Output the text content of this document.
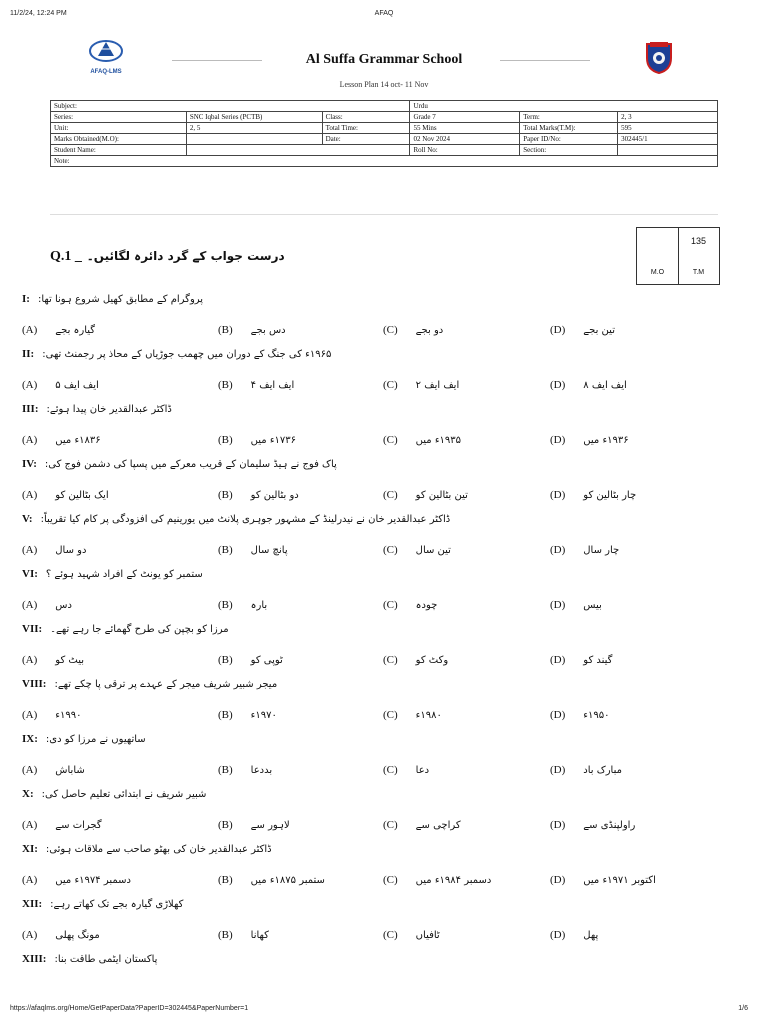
11/2/24, 12:24 PM	AFAQ
AFAQ-LMS
Al Suffa Grammar School
Lesson Plan 14 oct- 11 Nov
Subject:			Urdu		
Series:	SNC Iqbal Series (PCTB)	Class:	Grade 7	Term:	2, 3
Unit:	2, 5	Total Time:	55 Mins	Total Marks(T.M):	595
Marks Obtained(M.O):		Date:	02 Nov 2024	Paper ID/No:	302445/1
Student Name:			Roll No:	Section:	
Note:					
135
M.O	T.M
Q.1 _ درست جواب کے گرد دائرہ لگائیں۔
I: پروگرام کے مطابق کھیل شروع ہونا تھا:
(A) گیارہ بجے	(B) دس بجے	(C) دو بجے	(D) تین بجے
II: ۱۹۶۵ء کی جنگ کے دوران میں چھمب جوڑیاں کے محاذ پر رجمنٹ تھی:
(A) ایف ایف ۵	(B) ایف ایف ۴	(C) ایف ایف ۲	(D) ایف ایف ۸
III: ڈاکٹر عبدالقدیر خان پیدا ہوئے:
(A) ۱۸۳۶ء میں	(B) ۱۷۳۶ء میں	(C) ۱۹۳۵ء میں	(D) ۱۹۳۶ء میں
IV: پاک فوج نے ہیڈ سلیمان کے قریب معرکے میں پسپا کی دشمن فوج کی:
(A) ایک بٹالین کو	(B) دو بٹالین کو	(C) تین بٹالین کو	(D) چار بٹالین کو
V: ڈاکٹر عبدالقدیر خان نے نیدرلینڈ کے مشہور جوہری پلانٹ میں یورینیم کی افزودگی پر کام کیا تقریباً:
(A) دو سال	(B) پانچ سال	(C) تین سال	(D) چار سال
VI: ستمبر کو یونٹ کے افراد شہید ہوئے ؟
(A) دس	(B) بارہ	(C) چودہ	(D) بیس
VII: مرزا کو بچپن کی طرح گھمائے جا رہے تھے۔
(A) بیٹ کو	(B) ٹوپی کو	(C) وکٹ کو	(D) گیند کو
VIII: میجر شبیر شریف میجر کے عہدے پر ترقی پا چکے تھے:
(A) ۱۹۹۰ء	(B) ۱۹۷۰ء	(C) ۱۹۸۰ء	(D) ۱۹۵۰ء
IX: ساتھیوں نے مرزا کو دی:
(A) شاباش	(B) بددعا	(C) دعا	(D) مبارک باد
X: شبیر شریف نے ابتدائی تعلیم حاصل کی:
(A) گجرات سے	(B) لاہور سے	(C) کراچی سے	(D) راولپنڈی سے
XI: ڈاکٹر عبدالقدیر خان کی بھٹو صاحب سے ملاقات ہوئی:
(A) دسمبر ۱۹۷۴ء میں	(B) ستمبر ۱۸۷۵ء میں	(C) دسمبر ۱۹۸۴ء میں	(D) اکتوبر ۱۹۷۱ء میں
XII: کھلاڑی گیارہ بجے تک کھاتے رہے:
(A) مونگ پھلی	(B) کھانا	(C) ٹافیاں	(D) پھل
XIII: پاکستان ایٹمی طاقت بنا:
https://afaqlms.org/Home/GetPaperData?PaperID=302445&PaperNumber=1	1/6
